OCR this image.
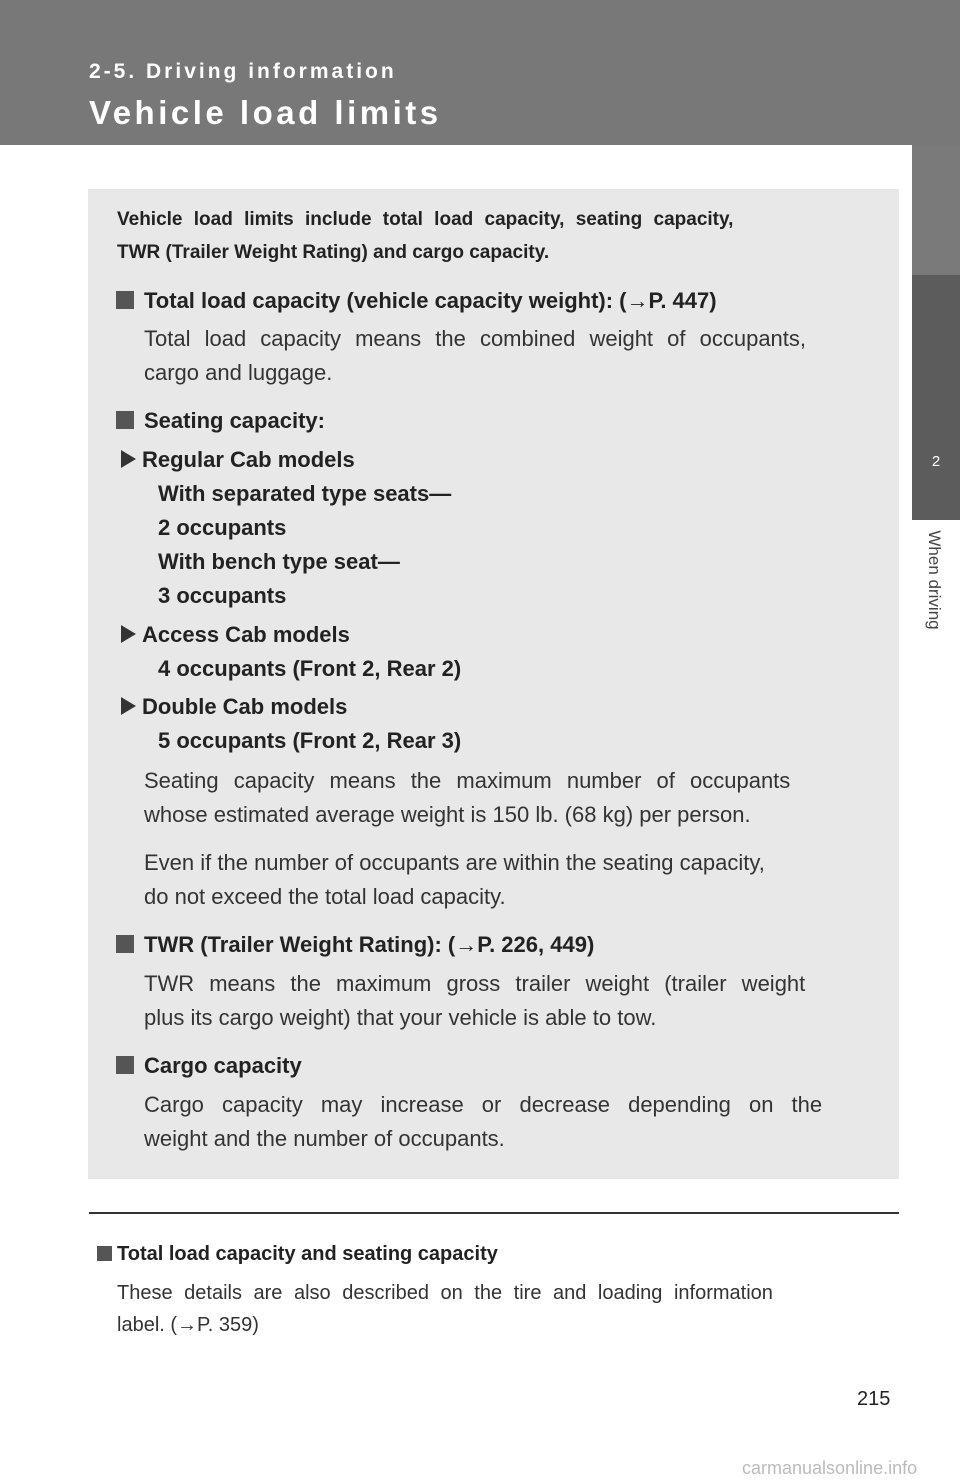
2-5. Driving information
Vehicle load limits
2
When driving
Vehicle load limits include total load capacity, seating capacity,
TWR (Trailer Weight Rating) and cargo capacity.
Total load capacity (vehicle capacity weight): (→P. 447)
Total load capacity means the combined weight of occupants,
cargo and luggage.
Seating capacity:
Regular Cab models
With separated type seats—
2 occupants
With bench type seat—
3 occupants
Access Cab models
4 occupants (Front 2, Rear 2)
Double Cab models
5 occupants (Front 2, Rear 3)
Seating capacity means the maximum number of occupants
whose estimated average weight is 150 lb. (68 kg) per person.
Even if the number of occupants are within the seating capacity,
do not exceed the total load capacity.
TWR (Trailer Weight Rating): (→P. 226, 449)
TWR means the maximum gross trailer weight (trailer weight
plus its cargo weight) that your vehicle is able to tow.
Cargo capacity
Cargo capacity may increase or decrease depending on the
weight and the number of occupants.
Total load capacity and seating capacity
These details are also described on the tire and loading information
label. (→P. 359)
215
carmanualsonline.info
